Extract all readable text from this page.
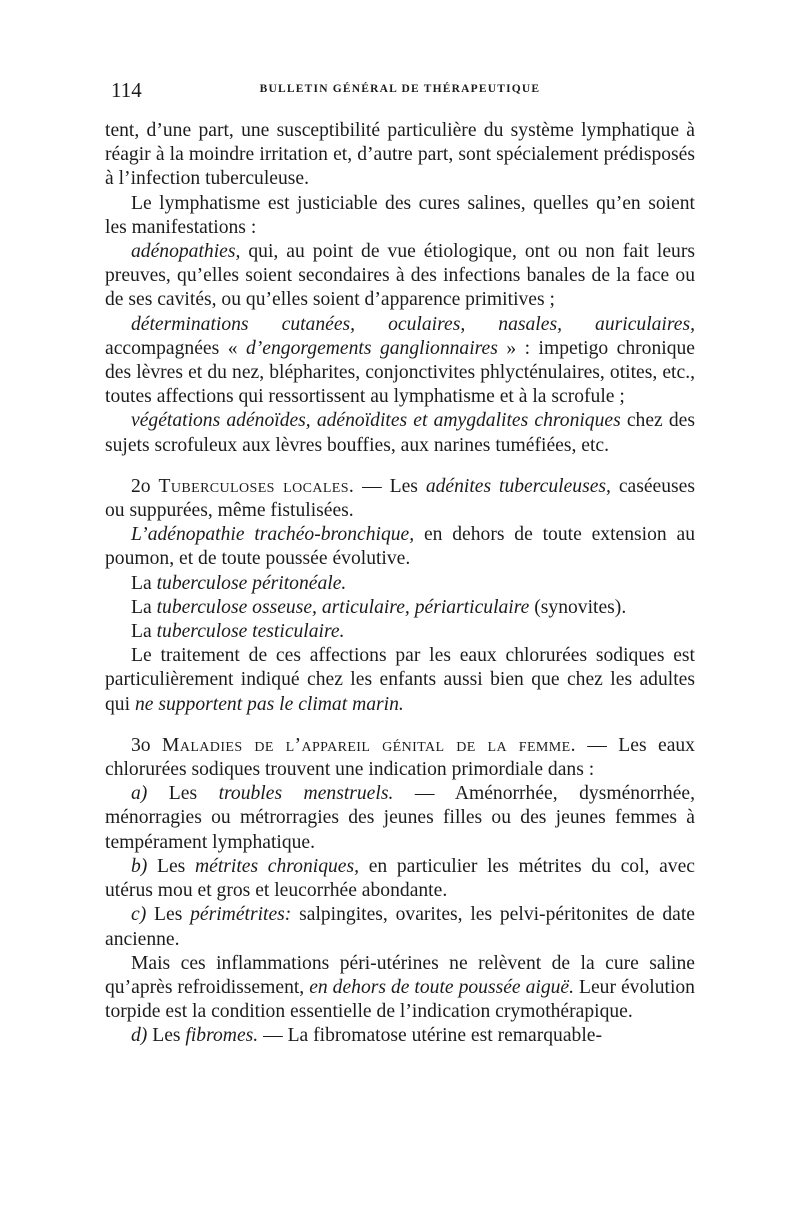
114	BULLETIN GÉNÉRAL DE THÉRAPEUTIQUE

tent, d’une part, une susceptibilité particulière du système lymphatique à réagir à la moindre irritation et, d’autre part, sont spécialement prédisposés à l’infection tuberculeuse.

Le lymphatisme est justiciable des cures salines, quelles qu’en soient les manifestations :

adénopathies, qui, au point de vue étiologique, ont ou non fait leurs preuves, qu’elles soient secondaires à des infections banales de la face ou de ses cavités, ou qu’elles soient d’apparence primitives ;

déterminations cutanées, oculaires, nasales, auriculaires, accompagnées « d’engorgements ganglionnaires » : impetigo chronique des lèvres et du nez, blépharites, conjonctivites phlycténulaires, otites, etc., toutes affections qui ressortissent au lymphatisme et à la scrofule ;

végétations adénoïdes, adénoïdites et amygdalites chroniques chez des sujets scrofuleux aux lèvres bouffies, aux narines tuméfiées, etc.

2o Tuberculoses locales. — Les adénites tuberculeuses, caséeuses ou suppurées, même fistulisées.

L’adénopathie trachéo-bronchique, en dehors de toute extension au poumon, et de toute poussée évolutive.

La tuberculose péritonéale.

La tuberculose osseuse, articulaire, périarticulaire (synovites).

La tuberculose testiculaire.

Le traitement de ces affections par les eaux chlorurées sodiques est particulièrement indiqué chez les enfants aussi bien que chez les adultes qui ne supportent pas le climat marin.

3o Maladies de l’appareil génital de la femme. — Les eaux chlorurées sodiques trouvent une indication primordiale dans :

a) Les troubles menstruels. — Aménorrhée, dysménorrhée, ménorragies ou métrorragies des jeunes filles ou des jeunes femmes à tempérament lymphatique.

b) Les métrites chroniques, en particulier les métrites du col, avec utérus mou et gros et leucorrhée abondante.

c) Les périmétrites: salpingites, ovarites, les pelvi-péritonites de date ancienne.

Mais ces inflammations péri-utérines ne relèvent de la cure saline qu’après refroidissement, en dehors de toute poussée aiguë. Leur évolution torpide est la condition essentielle de l’indication crymothérapique.

d) Les fibromes. — La fibromatose utérine est remarquable-
